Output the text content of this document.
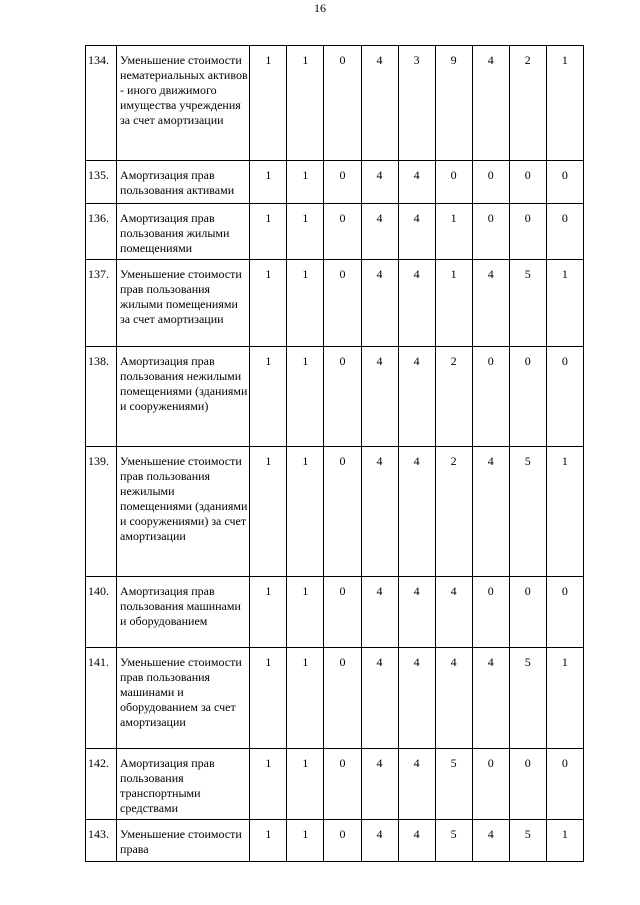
16
134.	Уменьшение стоимости нематериальных активов - иного движимого имущества учреждения за счет амортизации	1	1	0	4	3	9	4	2	1
135.	Амортизация прав пользования активами	1	1	0	4	4	0	0	0	0
136.	Амортизация прав пользования жилыми помещениями	1	1	0	4	4	1	0	0	0
137.	Уменьшение стоимости прав пользования жилыми помещениями за счет амортизации	1	1	0	4	4	1	4	5	1
138.	Амортизация прав пользования нежилыми помещениями (зданиями и сооружениями)	1	1	0	4	4	2	0	0	0
139.	Уменьшение стоимости прав пользования нежилыми помещениями (зданиями и сооружениями) за счет амортизации	1	1	0	4	4	2	4	5	1
140.	Амортизация прав пользования машинами и оборудованием	1	1	0	4	4	4	0	0	0
141.	Уменьшение стоимости прав пользования машинами и оборудованием за счет амортизации	1	1	0	4	4	4	4	5	1
142.	Амортизация прав пользования транспортными средствами	1	1	0	4	4	5	0	0	0
143.	Уменьшение стоимости права	1	1	0	4	4	5	4	5	1
